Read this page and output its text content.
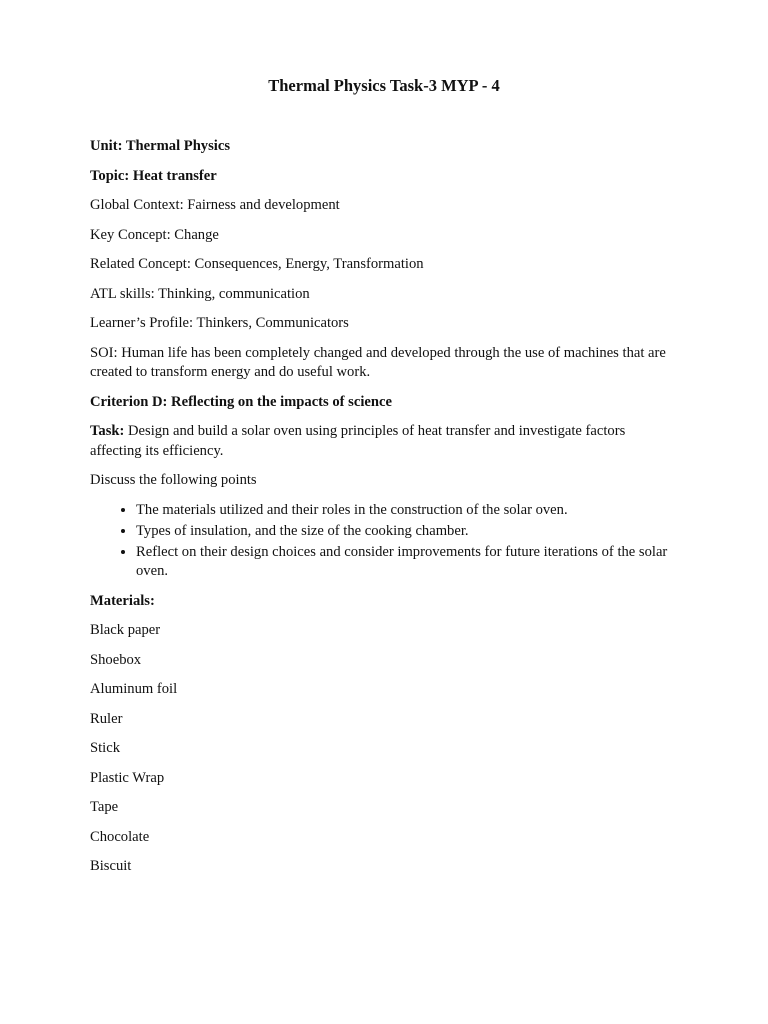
Thermal Physics Task-3 MYP - 4

Unit: Thermal Physics

Topic: Heat transfer

Global Context: Fairness and development

Key Concept: Change

Related Concept: Consequences, Energy, Transformation

ATL skills: Thinking, communication

Learner’s Profile: Thinkers, Communicators

SOI: Human life has been completely changed and developed through the use of machines that are created to transform energy and do useful work.

Criterion D: Reflecting on the impacts of science

Task: Design and build a solar oven using principles of heat transfer and investigate factors affecting its efficiency.

Discuss the following points

• The materials utilized and their roles in the construction of the solar oven.
• Types of insulation, and the size of the cooking chamber.
• Reflect on their design choices and consider improvements for future iterations of the solar oven.

Materials:

Black paper

Shoebox

Aluminum foil

Ruler

Stick

Plastic Wrap

Tape

Chocolate

Biscuit
